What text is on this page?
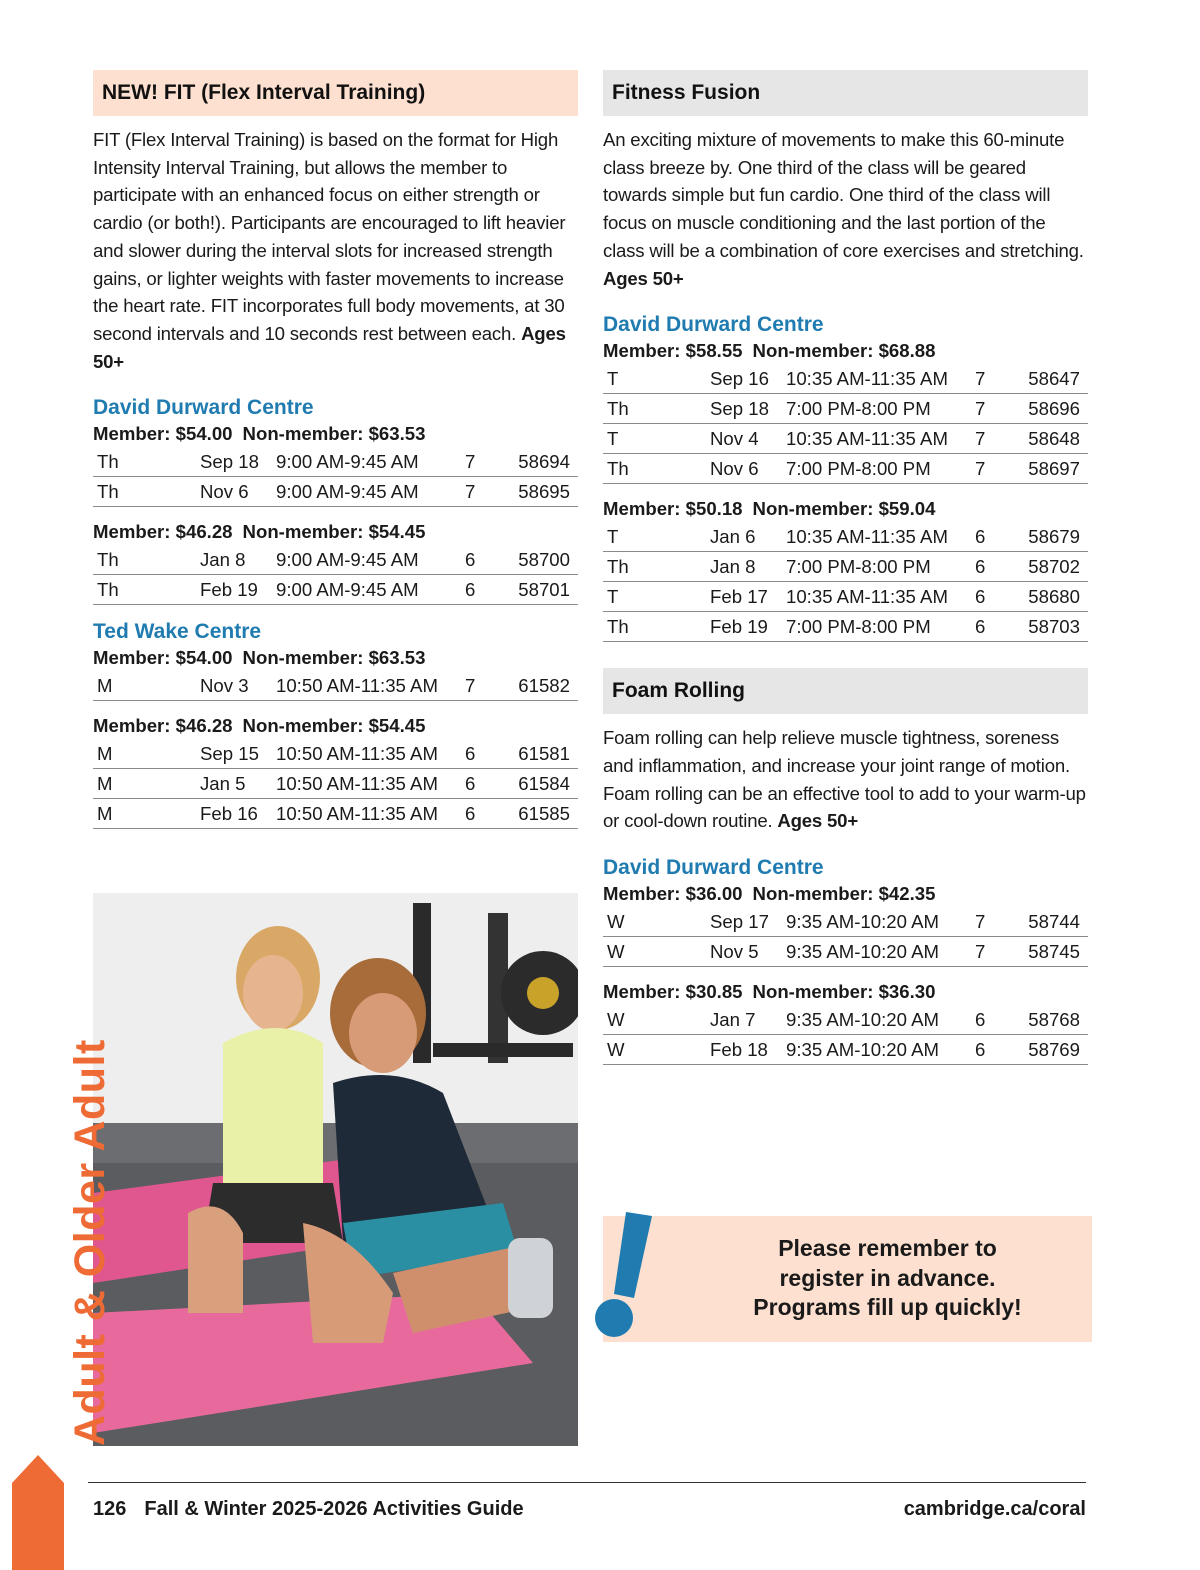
NEW! FIT (Flex Interval Training)

FIT (Flex Interval Training) is based on the format for High Intensity Interval Training, but allows the member to participate with an enhanced focus on either strength or cardio (or both!). Participants are encouraged to lift heavier and slower during the interval slots for increased strength gains, or lighter weights with faster movements to increase the heart rate. FIT incorporates full body movements, at 30 second intervals and 10 seconds rest between each. Ages 50+

David Durward Centre
Member: $54.00 Non-member: $63.53
Th	Sep 18	9:00 AM-9:45 AM	7	58694
Th	Nov 6	9:00 AM-9:45 AM	7	58695
Member: $46.28 Non-member: $54.45
Th	Jan 8	9:00 AM-9:45 AM	6	58700
Th	Feb 19	9:00 AM-9:45 AM	6	58701
Ted Wake Centre
Member: $54.00 Non-member: $63.53
M	Nov 3	10:50 AM-11:35 AM	7	61582
Member: $46.28 Non-member: $54.45
M	Sep 15	10:50 AM-11:35 AM	6	61581
M	Jan 5	10:50 AM-11:35 AM	6	61584
M	Feb 16	10:50 AM-11:35 AM	6	61585
Fitness Fusion

An exciting mixture of movements to make this 60-minute class breeze by. One third of the class will be geared towards simple but fun cardio. One third of the class will focus on muscle conditioning and the last portion of the class will be a combination of core exercises and stretching. Ages 50+

David Durward Centre
Member: $58.55 Non-member: $68.88
T	Sep 16	10:35 AM-11:35 AM	7	58647
Th	Sep 18	7:00 PM-8:00 PM	7	58696
T	Nov 4	10:35 AM-11:35 AM	7	58648
Th	Nov 6	7:00 PM-8:00 PM	7	58697
Member: $50.18 Non-member: $59.04
T	Jan 6	10:35 AM-11:35 AM	6	58679
Th	Jan 8	7:00 PM-8:00 PM	6	58702
T	Feb 17	10:35 AM-11:35 AM	6	58680
Th	Feb 19	7:00 PM-8:00 PM	6	58703
Foam Rolling

Foam rolling can help relieve muscle tightness, soreness and inflammation, and increase your joint range of motion. Foam rolling can be an effective tool to add to your warm-up or cool-down routine. Ages 50+

David Durward Centre
Member: $36.00 Non-member: $42.35
W	Sep 17	9:35 AM-10:20 AM	7	58744
W	Nov 5	9:35 AM-10:20 AM	7	58745
Member: $30.85 Non-member: $36.30
W	Jan 7	9:35 AM-10:20 AM	6	58768
W	Feb 18	9:35 AM-10:20 AM	6	58769
Please remember to
register in advance.
Programs fill up quickly!
Adult & Older Adult
126 Fall & Winter 2025-2026 Activities Guide	cambridge.ca/coral
